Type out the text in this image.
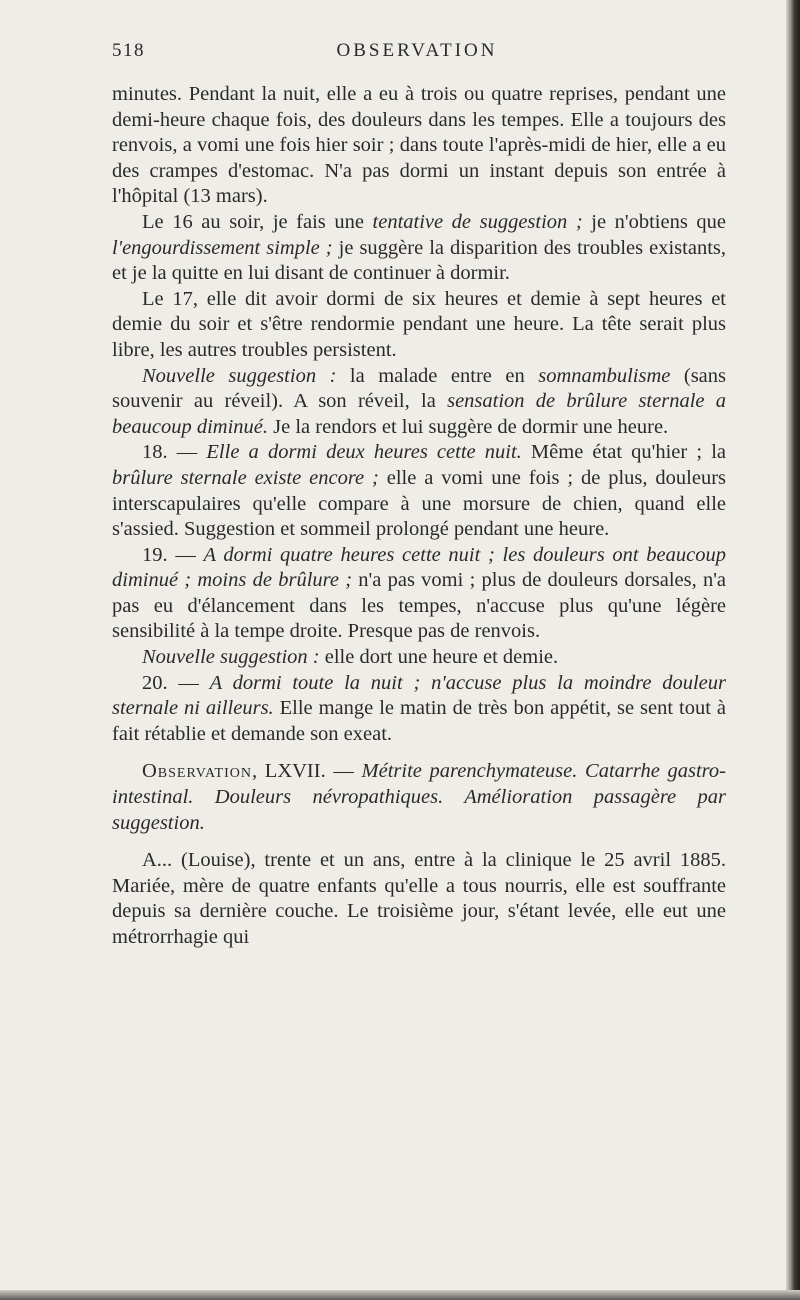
518	OBSERVATION

minutes. Pendant la nuit, elle a eu à trois ou quatre reprises, pendant une demi-heure chaque fois, des douleurs dans les tempes. Elle a toujours des renvois, a vomi une fois hier soir ; dans toute l'après-midi de hier, elle a eu des crampes d'estomac. N'a pas dormi un instant depuis son entrée à l'hôpital (13 mars).

Le 16 au soir, je fais une tentative de suggestion ; je n'obtiens que l'engourdissement simple ; je suggère la disparition des troubles existants, et je la quitte en lui disant de continuer à dormir.

Le 17, elle dit avoir dormi de six heures et demie à sept heures et demie du soir et s'être rendormie pendant une heure. La tête serait plus libre, les autres troubles persistent.

Nouvelle suggestion : la malade entre en somnambulisme (sans souvenir au réveil). A son réveil, la sensation de brûlure sternale a beaucoup diminué. Je la rendors et lui suggère de dormir une heure.

18. — Elle a dormi deux heures cette nuit. Même état qu'hier ; la brûlure sternale existe encore ; elle a vomi une fois ; de plus, douleurs interscapulaires qu'elle compare à une morsure de chien, quand elle s'assied. Suggestion et sommeil prolongé pendant une heure.

19. — A dormi quatre heures cette nuit ; les douleurs ont beaucoup diminué ; moins de brûlure ; n'a pas vomi ; plus de douleurs dorsales, n'a pas eu d'élancement dans les tempes, n'accuse plus qu'une légère sensibilité à la tempe droite. Presque pas de renvois.

Nouvelle suggestion : elle dort une heure et demie.

20. — A dormi toute la nuit ; n'accuse plus la moindre douleur sternale ni ailleurs. Elle mange le matin de très bon appétit, se sent tout à fait rétablie et demande son exeat.

Observation, LXVII. — Métrite parenchymateuse. Catarrhe gastro-intestinal. Douleurs névropathiques. Amélioration passagère par suggestion.

A... (Louise), trente et un ans, entre à la clinique le 25 avril 1885. Mariée, mère de quatre enfants qu'elle a tous nourris, elle est souffrante depuis sa dernière couche. Le troisième jour, s'étant levée, elle eut une métrorrhagie qui
